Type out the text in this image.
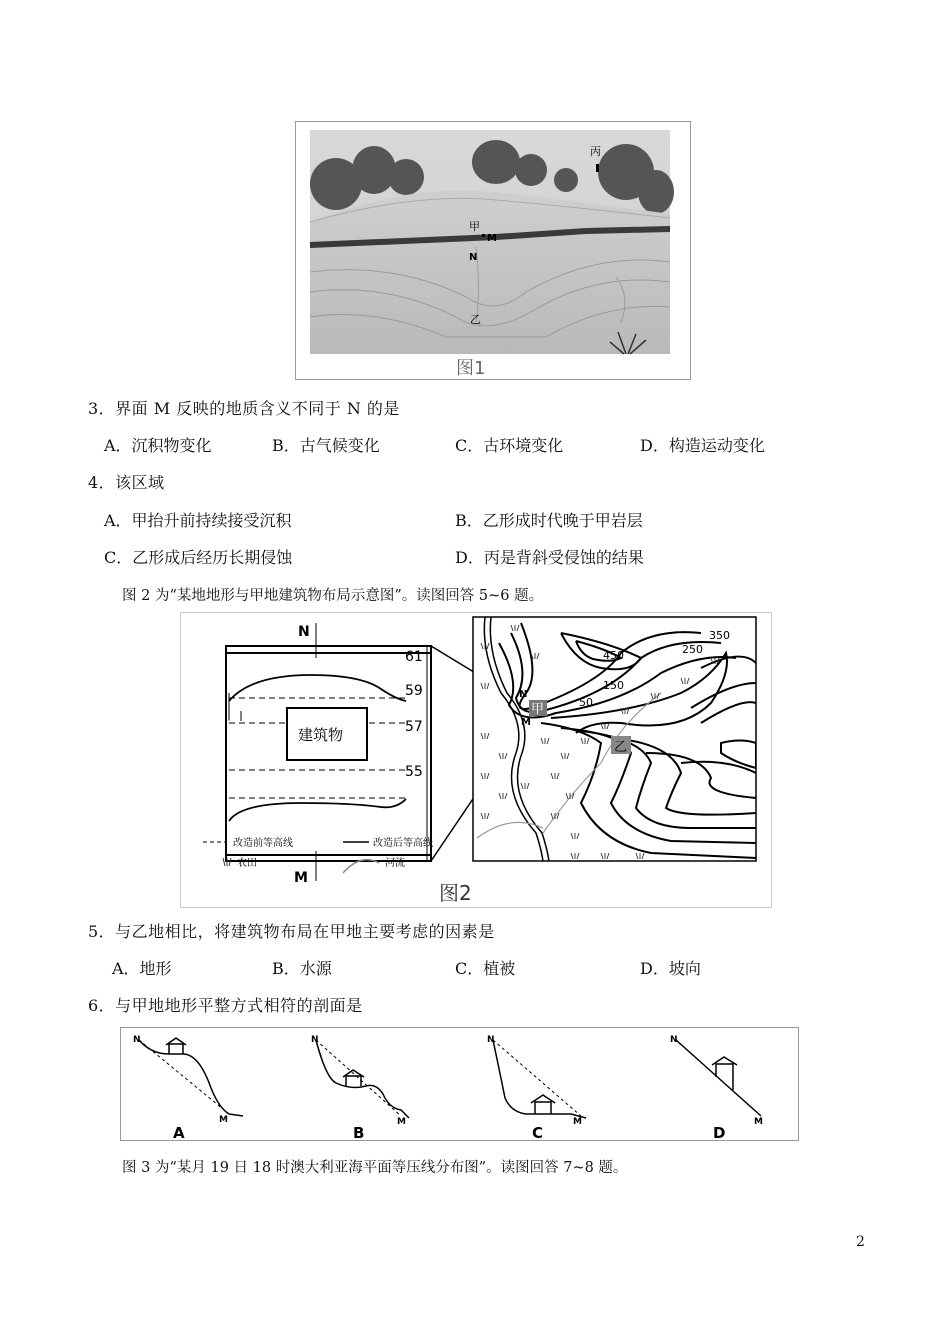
丙
甲
M
N
乙
图1
3．界面 M 反映的地质含义不同于 N 的是
A．沉积物变化	B．古气候变化	C．古环境变化	D．构造运动变化
4．该区域
A．甲抬升前持续接受沉积	B．乙形成时代晚于甲岩层
C．乙形成后经历长期侵蚀	D．丙是背斜受侵蚀的结果
图 2 为“某地地形与甲地建筑物布局示意图”。读图回答 5~6 题。
N
M
建筑物
61
59
57
55
改造前等高线	改造后等高线
农田	河流
甲
N
M
乙
350
450	250
150
50
图2
5．与乙地相比，将建筑物布局在甲地主要考虑的因素是
A．地形	B．水源	C．植被	D．坡向
6．与甲地地形平整方式相符的剖面是
N
M
A
N
M
B
N
M
C
N
M
D
图 3 为“某月 19 日 18 时澳大利亚海平面等压线分布图”。读图回答 7~8 题。
2
